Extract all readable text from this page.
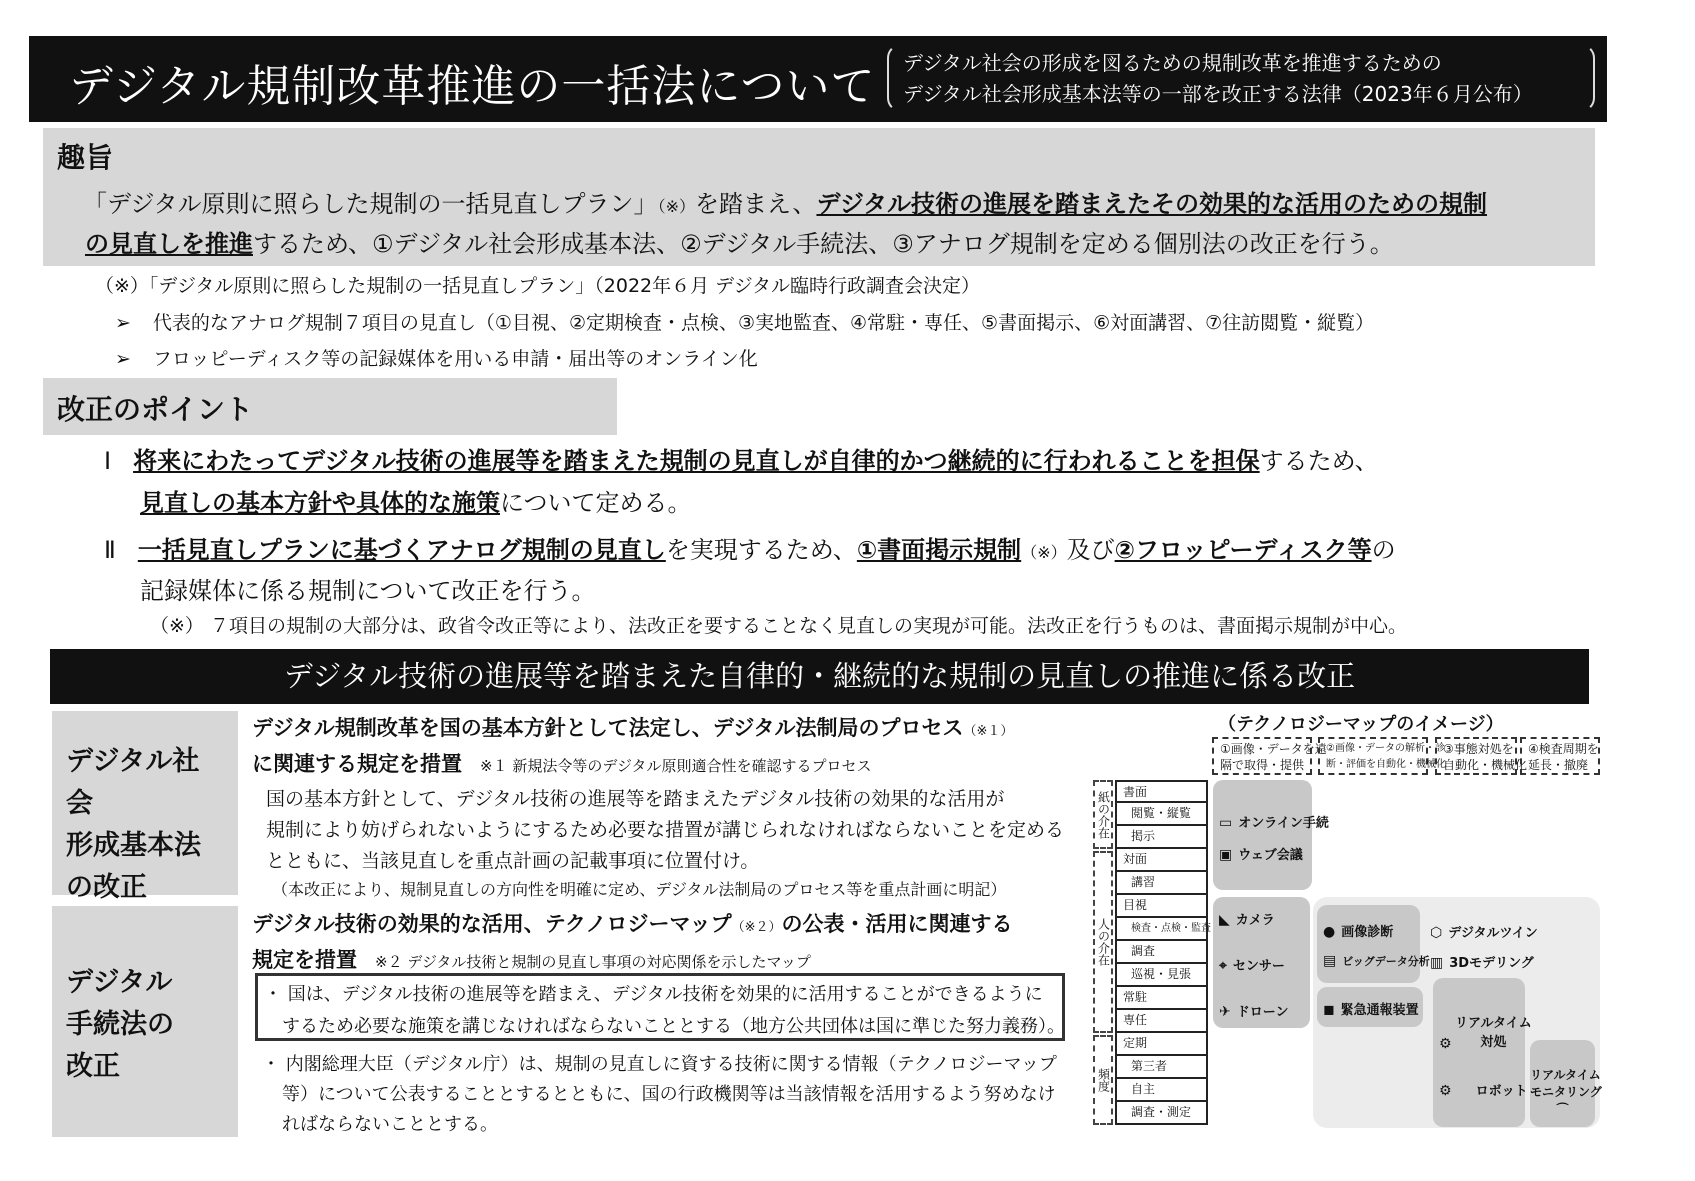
デジタル規制改革推進の一括法について デジタル社会の形成を図るための規制改革を推進するための
デジタル社会形成基本法等の一部を改正する法律（2023年６月公布）
趣旨
「デジタル原則に照らした規制の一括見直しプラン」（※）を踏まえ、デジタル技術の進展を踏まえたその効果的な活用のための規制
の見直しを推進するため、①デジタル社会形成基本法、②デジタル手続法、③アナログ規制を定める個別法の改正を行う。
（※）「デジタル原則に照らした規制の一括見直しプラン」（2022年６月 デジタル臨時行政調査会決定）
➢ 代表的なアナログ規制７項目の見直し（①目視、②定期検査・点検、③実地監査、④常駐・専任、⑤書面掲示、⑥対面講習、⑦往訪閲覧・縦覧）
➢ フロッピーディスク等の記録媒体を用いる申請・届出等のオンライン化
改正のポイント
Ⅰ 将来にわたってデジタル技術の進展等を踏まえた規制の見直しが自律的かつ継続的に行われることを担保するため、
見直しの基本方針や具体的な施策について定める。
Ⅱ 一括見直しプランに基づくアナログ規制の見直しを実現するため、①書面掲示規制（※）及び②フロッピーディスク等の
記録媒体に係る規制について改正を行う。
（※） ７項目の規制の大部分は、政省令改正等により、法改正を要することなく見直しの実現が可能。法改正を行うものは、書面掲示規制が中心。
デジタル技術の進展等を踏まえた自律的・継続的な規制の見直しの推進に係る改正
デジタル社会
形成基本法
の改正
デジタル
手続法の
改正
デジタル規制改革を国の基本方針として法定し、デジタル法制局のプロセス（※１）
に関連する規定を措置 ※１ 新規法令等のデジタル原則適合性を確認するプロセス
国の基本方針として、デジタル技術の進展等を踏まえたデジタル技術の効果的な活用が
規制により妨げられないようにするため必要な措置が講じられなければならないことを定める
とともに、当該見直しを重点計画の記載事項に位置付け。
（本改正により、規制見直しの方向性を明確に定め、デジタル法制局のプロセス等を重点計画に明記）
デジタル技術の効果的な活用、テクノロジーマップ（※２）の公表・活用に関連する
規定を措置 ※２ デジタル技術と規制の見直し事項の対応関係を示したマップ
・ 国は、デジタル技術の進展等を踏まえ、デジタル技術を効果的に活用することができるように
するため必要な施策を講じなければならないこととする（地方公共団体は国に準じた努力義務）。
・ 内閣総理大臣（デジタル庁）は、規制の見直しに資する技術に関する情報（テクノロジーマップ
等）について公表することとするとともに、国の行政機関等は当該情報を活用するよう努めなけ
ればならないこととする。
（テクノロジーマップのイメージ）
①画像・データを遠
隔で取得・提供
②画像・データの解析・診
断・評価を自動化・機械化
③事態対処を
自動化・機械化
④検査周期を
延長・撤廃
紙の介在
人の介在
頻度
書面
閲覧・縦覧
掲示
対面
講習
目視
検査・点検・監査
調査
巡視・見張
常駐
専任
定期
第三者
自主
調査・測定
▭ オンライン手続
▣ ウェブ会議
◣ カメラ
⌖ センサー
✈ ドローン
● 画像診断
▤ ビッグデータ分析
◼ 緊急通報装置
⬡ デジタルツイン
▥ 3Dモデリング
リアルタイム
対処
⚙
⚙ ロボット
リアルタイム
モニタリング
⌒
